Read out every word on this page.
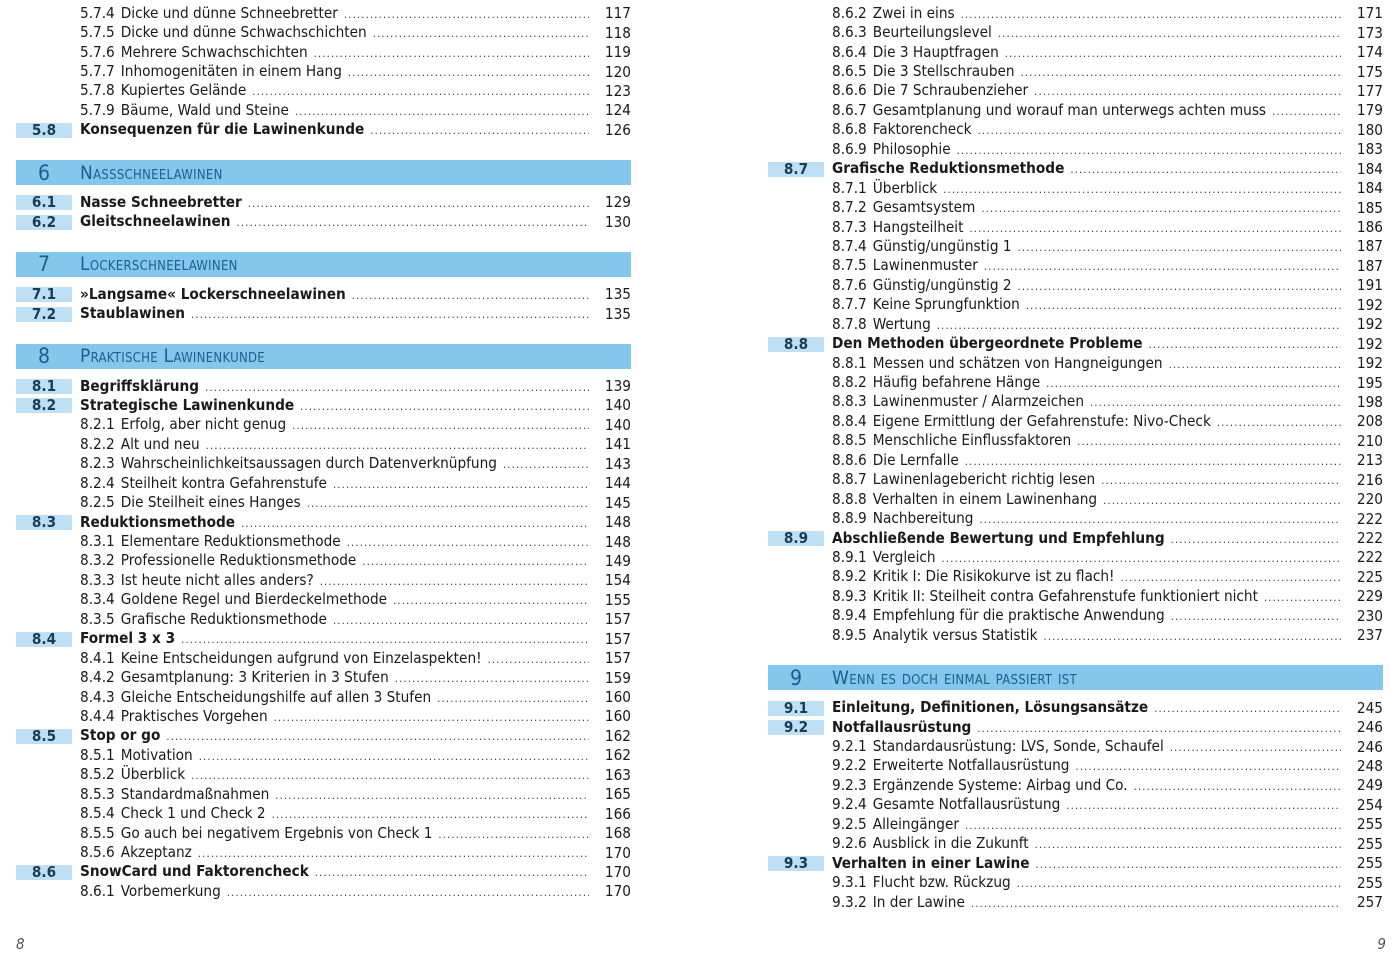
5.7.4 Dicke und dünne Schneebretter .....	117
5.7.5 Dicke und dünne Schwachschichten .....	118
5.7.6 Mehrere Schwachschichten .....	119
5.7.7 Inhomogenitäten in einem Hang .....	120
5.7.8 Kupiertes Gelände .....	123
5.7.9 Bäume, Wald und Steine .....	124
5.8 Konsequenzen für die Lawinenkunde .....	126
6	Nassschneelawinen
6.1 Nasse Schneebretter .....	129
6.2 Gleitschneelawinen .....	130
7	Lockerschneelawinen
7.1 »Langsame« Lockerschneelawinen .....	135
7.2 Staublawinen .....	135
8	Praktische Lawinenkunde
8.1 Begriffsklärung .....	139
8.2 Strategische Lawinenkunde .....	140
8.2.1 Erfolg, aber nicht genug .....	140
8.2.2 Alt und neu .....	141
8.2.3 Wahrscheinlichkeitsaussagen durch Datenverknüpfung .....	143
8.2.4 Steilheit kontra Gefahrenstufe .....	144
8.2.5 Die Steilheit eines Hanges .....	145
8.3 Reduktionsmethode .....	148
8.3.1 Elementare Reduktionsmethode .....	148
8.3.2 Professionelle Reduktionsmethode .....	149
8.3.3 Ist heute nicht alles anders? .....	154
8.3.4 Goldene Regel und Bierdeckelmethode .....	155
8.3.5 Grafische Reduktionsmethode .....	157
8.4 Formel 3 x 3 .....	157
8.4.1 Keine Entscheidungen aufgrund von Einzelaspekten! .....	157
8.4.2 Gesamtplanung: 3 Kriterien in 3 Stufen .....	159
8.4.3 Gleiche Entscheidungshilfe auf allen 3 Stufen .....	160
8.4.4 Praktisches Vorgehen .....	160
8.5 Stop or go .....	162
8.5.1 Motivation .....	162
8.5.2 Überblick .....	163
8.5.3 Standardmaßnahmen .....	165
8.5.4 Check 1 und Check 2 .....	166
8.5.5 Go auch bei negativem Ergebnis von Check 1 .....	168
8.5.6 Akzeptanz .....	170
8.6 SnowCard und Faktorencheck .....	170
8.6.1 Vorbemerkung .....	170
8
8.6.2 Zwei in eins .....	171
8.6.3 Beurteilungslevel .....	173
8.6.4 Die 3 Hauptfragen .....	174
8.6.5 Die 3 Stellschrauben .....	175
8.6.6 Die 7 Schraubenzieher .....	177
8.6.7 Gesamtplanung und worauf man unterwegs achten muss .....	179
8.6.8 Faktorencheck .....	180
8.6.9 Philosophie .....	183
8.7 Grafische Reduktionsmethode .....	184
8.7.1 Überblick .....	184
8.7.2 Gesamtsystem .....	185
8.7.3 Hangsteilheit .....	186
8.7.4 Günstig/ungünstig 1 .....	187
8.7.5 Lawinenmuster .....	187
8.7.6 Günstig/ungünstig 2 .....	191
8.7.7 Keine Sprungfunktion .....	192
8.7.8 Wertung .....	192
8.8 Den Methoden übergeordnete Probleme .....	192
8.8.1 Messen und schätzen von Hangneigungen .....	192
8.8.2 Häufig befahrene Hänge .....	195
8.8.3 Lawinenmuster / Alarmzeichen .....	198
8.8.4 Eigene Ermittlung der Gefahrenstufe: Nivo-Check .....	208
8.8.5 Menschliche Einflussfaktoren .....	210
8.8.6 Die Lernfalle .....	213
8.8.7 Lawinenlagebericht richtig lesen .....	216
8.8.8 Verhalten in einem Lawinenhang .....	220
8.8.9 Nachbereitung .....	222
8.9 Abschließende Bewertung und Empfehlung .....	222
8.9.1 Vergleich .....	222
8.9.2 Kritik I: Die Risikokurve ist zu flach! .....	225
8.9.3 Kritik II: Steilheit contra Gefahrenstufe funktioniert nicht .....	229
8.9.4 Empfehlung für die praktische Anwendung .....	230
8.9.5 Analytik versus Statistik .....	237
9	Wenn es doch einmal passiert ist
9.1 Einleitung, Definitionen, Lösungsansätze .....	245
9.2 Notfallausrüstung .....	246
9.2.1 Standardausrüstung: LVS, Sonde, Schaufel .....	246
9.2.2 Erweiterte Notfallausrüstung .....	248
9.2.3 Ergänzende Systeme: Airbag und Co. .....	249
9.2.4 Gesamte Notfallausrüstung .....	254
9.2.5 Alleingänger .....	255
9.2.6 Ausblick in die Zukunft .....	255
9.3 Verhalten in einer Lawine .....	255
9.3.1 Flucht bzw. Rückzug .....	255
9.3.2 In der Lawine .....	257
9
